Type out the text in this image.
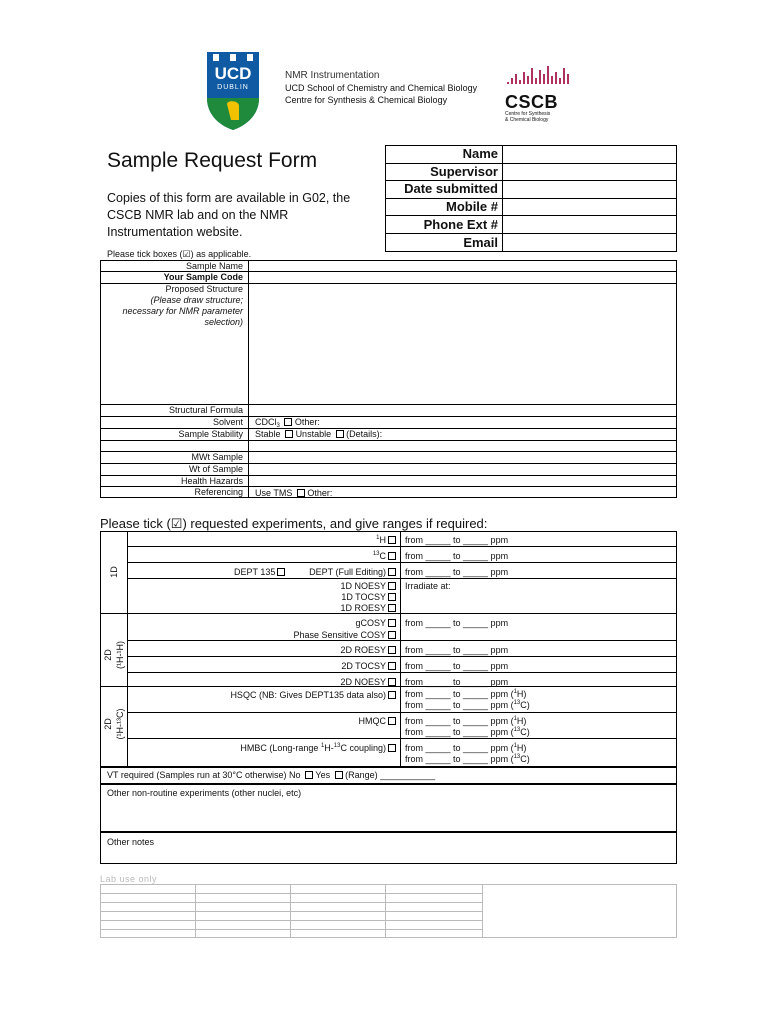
UCD
DUBLIN
NMR Instrumentation
UCD School of Chemistry and Chemical Biology
Centre for Synthesis & Chemical Biology	CSCB
Centre for Synthesis
& Chemical Biology
Sample Request Form
Copies of this form are available in G02, the CSCB NMR lab and on the NMR Instrumentation website.
Name
Supervisor
Date submitted
Mobile #
Phone Ext #
Email
Please tick boxes (☑) as applicable.
Sample Name
Your Sample Code
Proposed Structure
(Please draw structure;
necessary for NMR parameter
selection)
Structural Formula
Solvent
Sample Stability
CDCl$_3$ Other:
Stable Unstable (Details):
MWt Sample
Wt of Sample
Health Hazards
Referencing Use TMS Other:
Please tick (☑) requested experiments, and give ranges if required:
1D
2D (¹H-¹H)
2D (¹H-¹³C)
$^1$H
$^{13}$C
DEPT 135	DEPT (Full Editing)
1D NOESY
1D TOCSY
1D ROESY
gCOSY
Phase Sensitive COSY
2D ROESY
2D TOCSY
2D NOESY
HSQC (NB: Gives DEPT135 data also)
HMQC
HMBC (Long-range $^1$H-$^{13}$C coupling)
from _____ to _____ ppm
from _____ to _____ ppm
from _____ to _____ ppm
Irradiate at:
from _____ to _____ ppm
from _____ to _____ ppm
from _____ to _____ ppm
from _____ to _____ ppm
from _____ to _____ ppm ($^1$H)
from _____ to _____ ppm ($^{13}$C)
from _____ to _____ ppm ($^1$H)
from _____ to _____ ppm ($^{13}$C)
from _____ to _____ ppm ($^1$H)
from _____ to _____ ppm ($^{13}$C)
VT required (Samples run at 30°C otherwise) No Yes (Range) ___________
Other non-routine experiments (other nuclei, etc)
Other notes
Lab use only
